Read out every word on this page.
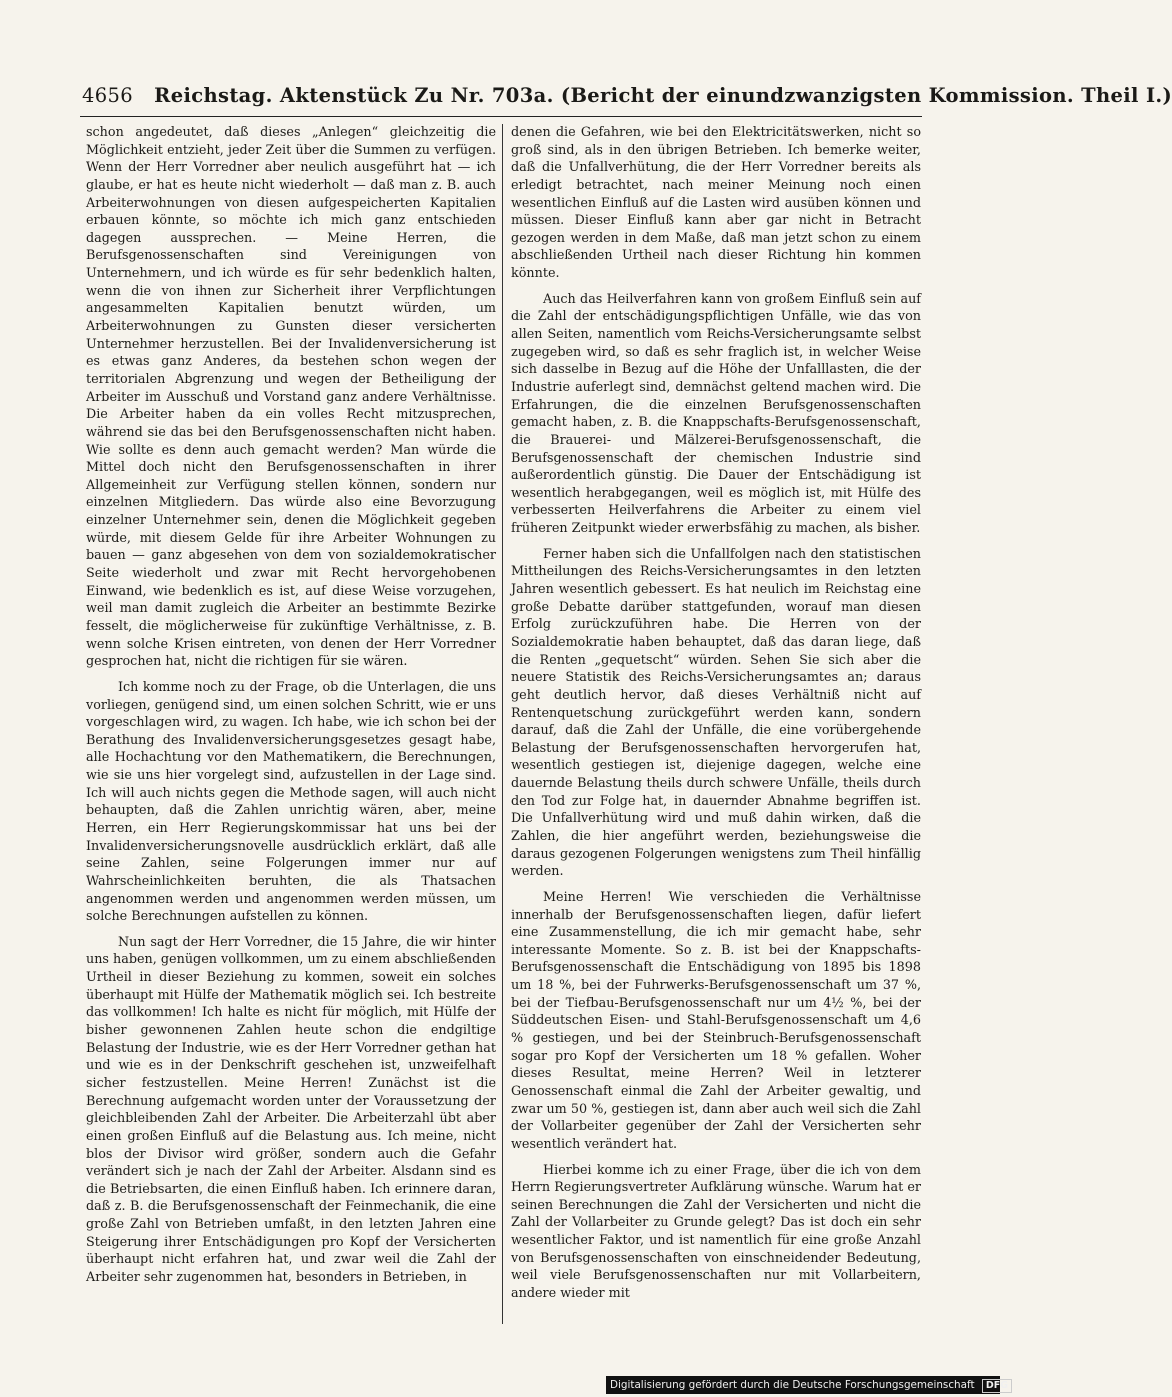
4656 Reichstag. Aktenstück Zu Nr. 703a. (Bericht der einundzwanzigsten Kommission. Theil I.)

schon angedeutet, daß dieses „Anlegen“ gleichzeitig die Möglichkeit entzieht, jeder Zeit über die Summen zu verfügen. Wenn der Herr Vorredner aber neulich ausgeführt hat — ich glaube, er hat es heute nicht wiederholt — daß man z. B. auch Arbeiterwohnungen von diesen aufgespeicherten Kapitalien erbauen könnte, so möchte ich mich ganz entschieden dagegen aussprechen. — Meine Herren, die Berufsgenossenschaften sind Vereinigungen von Unternehmern, und ich würde es für sehr bedenklich halten, wenn die von ihnen zur Sicherheit ihrer Verpflichtungen angesammelten Kapitalien benutzt würden, um Arbeiterwohnungen zu Gunsten dieser versicherten Unternehmer herzustellen. Bei der Invalidenversicherung ist es etwas ganz Anderes, da bestehen schon wegen der territorialen Abgrenzung und wegen der Betheiligung der Arbeiter im Ausschuß und Vorstand ganz andere Verhältnisse. Die Arbeiter haben da ein volles Recht mitzusprechen, während sie das bei den Berufsgenossenschaften nicht haben. Wie sollte es denn auch gemacht werden? Man würde die Mittel doch nicht den Berufsgenossenschaften in ihrer Allgemeinheit zur Verfügung stellen können, sondern nur einzelnen Mitgliedern. Das würde also eine Bevorzugung einzelner Unternehmer sein, denen die Möglichkeit gegeben würde, mit diesem Gelde für ihre Arbeiter Wohnungen zu bauen — ganz abgesehen von dem von sozialdemokratischer Seite wiederholt und zwar mit Recht hervorgehobenen Einwand, wie bedenklich es ist, auf diese Weise vorzugehen, weil man damit zugleich die Arbeiter an bestimmte Bezirke fesselt, die möglicherweise für zukünftige Verhältnisse, z. B. wenn solche Krisen eintreten, von denen der Herr Vorredner gesprochen hat, nicht die richtigen für sie wären.

Ich komme noch zu der Frage, ob die Unterlagen, die uns vorliegen, genügend sind, um einen solchen Schritt, wie er uns vorgeschlagen wird, zu wagen. Ich habe, wie ich schon bei der Berathung des Invalidenversicherungsgesetzes gesagt habe, alle Hochachtung vor den Mathematikern, die Berechnungen, wie sie uns hier vorgelegt sind, aufzustellen in der Lage sind. Ich will auch nichts gegen die Methode sagen, will auch nicht behaupten, daß die Zahlen unrichtig wären, aber, meine Herren, ein Herr Regierungskommissar hat uns bei der Invalidenversicherungsnovelle ausdrücklich erklärt, daß alle seine Zahlen, seine Folgerungen immer nur auf Wahrscheinlichkeiten beruhten, die als Thatsachen angenommen werden und angenommen werden müssen, um solche Berechnungen aufstellen zu können.

Nun sagt der Herr Vorredner, die 15 Jahre, die wir hinter uns haben, genügen vollkommen, um zu einem abschließenden Urtheil in dieser Beziehung zu kommen, soweit ein solches überhaupt mit Hülfe der Mathematik möglich sei. Ich bestreite das vollkommen! Ich halte es nicht für möglich, mit Hülfe der bisher gewonnenen Zahlen heute schon die endgiltige Belastung der Industrie, wie es der Herr Vorredner gethan hat und wie es in der Denkschrift geschehen ist, unzweifelhaft sicher festzustellen. Meine Herren! Zunächst ist die Berechnung aufgemacht worden unter der Voraussetzung der gleichbleibenden Zahl der Arbeiter. Die Arbeiterzahl übt aber einen großen Einfluß auf die Belastung aus. Ich meine, nicht blos der Divisor wird größer, sondern auch die Gefahr verändert sich je nach der Zahl der Arbeiter. Alsdann sind es die Betriebsarten, die einen Einfluß haben. Ich erinnere daran, daß z. B. die Berufsgenossenschaft der Feinmechanik, die eine große Zahl von Betrieben umfaßt, in den letzten Jahren eine Steigerung ihrer Entschädigungen pro Kopf der Versicherten überhaupt nicht erfahren hat, und zwar weil die Zahl der Arbeiter sehr zugenommen hat, besonders in Betrieben, in

denen die Gefahren, wie bei den Elektricitätswerken, nicht so groß sind, als in den übrigen Betrieben. Ich bemerke weiter, daß die Unfallverhütung, die der Herr Vorredner bereits als erledigt betrachtet, nach meiner Meinung noch einen wesentlichen Einfluß auf die Lasten wird ausüben können und müssen. Dieser Einfluß kann aber gar nicht in Betracht gezogen werden in dem Maße, daß man jetzt schon zu einem abschließenden Urtheil nach dieser Richtung hin kommen könnte.

Auch das Heilverfahren kann von großem Einfluß sein auf die Zahl der entschädigungspflichtigen Unfälle, wie das von allen Seiten, namentlich vom Reichs-Versicherungsamte selbst zugegeben wird, so daß es sehr fraglich ist, in welcher Weise sich dasselbe in Bezug auf die Höhe der Unfalllasten, die der Industrie auferlegt sind, demnächst geltend machen wird. Die Erfahrungen, die die einzelnen Berufsgenossenschaften gemacht haben, z. B. die Knappschafts-Berufsgenossenschaft, die Brauerei- und Mälzerei-Berufsgenossenschaft, die Berufsgenossenschaft der chemischen Industrie sind außerordentlich günstig. Die Dauer der Entschädigung ist wesentlich herabgegangen, weil es möglich ist, mit Hülfe des verbesserten Heilverfahrens die Arbeiter zu einem viel früheren Zeitpunkt wieder erwerbsfähig zu machen, als bisher.

Ferner haben sich die Unfallfolgen nach den statistischen Mittheilungen des Reichs-Versicherungsamtes in den letzten Jahren wesentlich gebessert. Es hat neulich im Reichstag eine große Debatte darüber stattgefunden, worauf man diesen Erfolg zurückzuführen habe. Die Herren von der Sozialdemokratie haben behauptet, daß das daran liege, daß die Renten „gequetscht“ würden. Sehen Sie sich aber die neuere Statistik des Reichs-Versicherungsamtes an; daraus geht deutlich hervor, daß dieses Verhältniß nicht auf Rentenquetschung zurückgeführt werden kann, sondern darauf, daß die Zahl der Unfälle, die eine vorübergehende Belastung der Berufsgenossenschaften hervorgerufen hat, wesentlich gestiegen ist, diejenige dagegen, welche eine dauernde Belastung theils durch schwere Unfälle, theils durch den Tod zur Folge hat, in dauernder Abnahme begriffen ist. Die Unfallverhütung wird und muß dahin wirken, daß die Zahlen, die hier angeführt werden, beziehungsweise die daraus gezogenen Folgerungen wenigstens zum Theil hinfällig werden.

Meine Herren! Wie verschieden die Verhältnisse innerhalb der Berufsgenossenschaften liegen, dafür liefert eine Zusammenstellung, die ich mir gemacht habe, sehr interessante Momente. So z. B. ist bei der Knappschafts-Berufsgenossenschaft die Entschädigung von 1895 bis 1898 um 18 %, bei der Fuhrwerks-Berufsgenossenschaft um 37 %, bei der Tiefbau-Berufsgenossenschaft nur um 4½ %, bei der Süddeutschen Eisen- und Stahl-Berufsgenossenschaft um 4,6 % gestiegen, und bei der Steinbruch-Berufsgenossenschaft sogar pro Kopf der Versicherten um 18 % gefallen. Woher dieses Resultat, meine Herren? Weil in letzterer Genossenschaft einmal die Zahl der Arbeiter gewaltig, und zwar um 50 %, gestiegen ist, dann aber auch weil sich die Zahl der Vollarbeiter gegenüber der Zahl der Versicherten sehr wesentlich verändert hat.

Hierbei komme ich zu einer Frage, über die ich von dem Herrn Regierungsvertreter Aufklärung wünsche. Warum hat er seinen Berechnungen die Zahl der Versicherten und nicht die Zahl der Vollarbeiter zu Grunde gelegt? Das ist doch ein sehr wesentlicher Faktor, und ist namentlich für eine große Anzahl von Berufsgenossenschaften von einschneidender Bedeutung, weil viele Berufsgenossenschaften nur mit Vollarbeitern, andere wieder mit

Digitalisierung gefördert durch die Deutsche Forschungsgemeinschaft DFG
